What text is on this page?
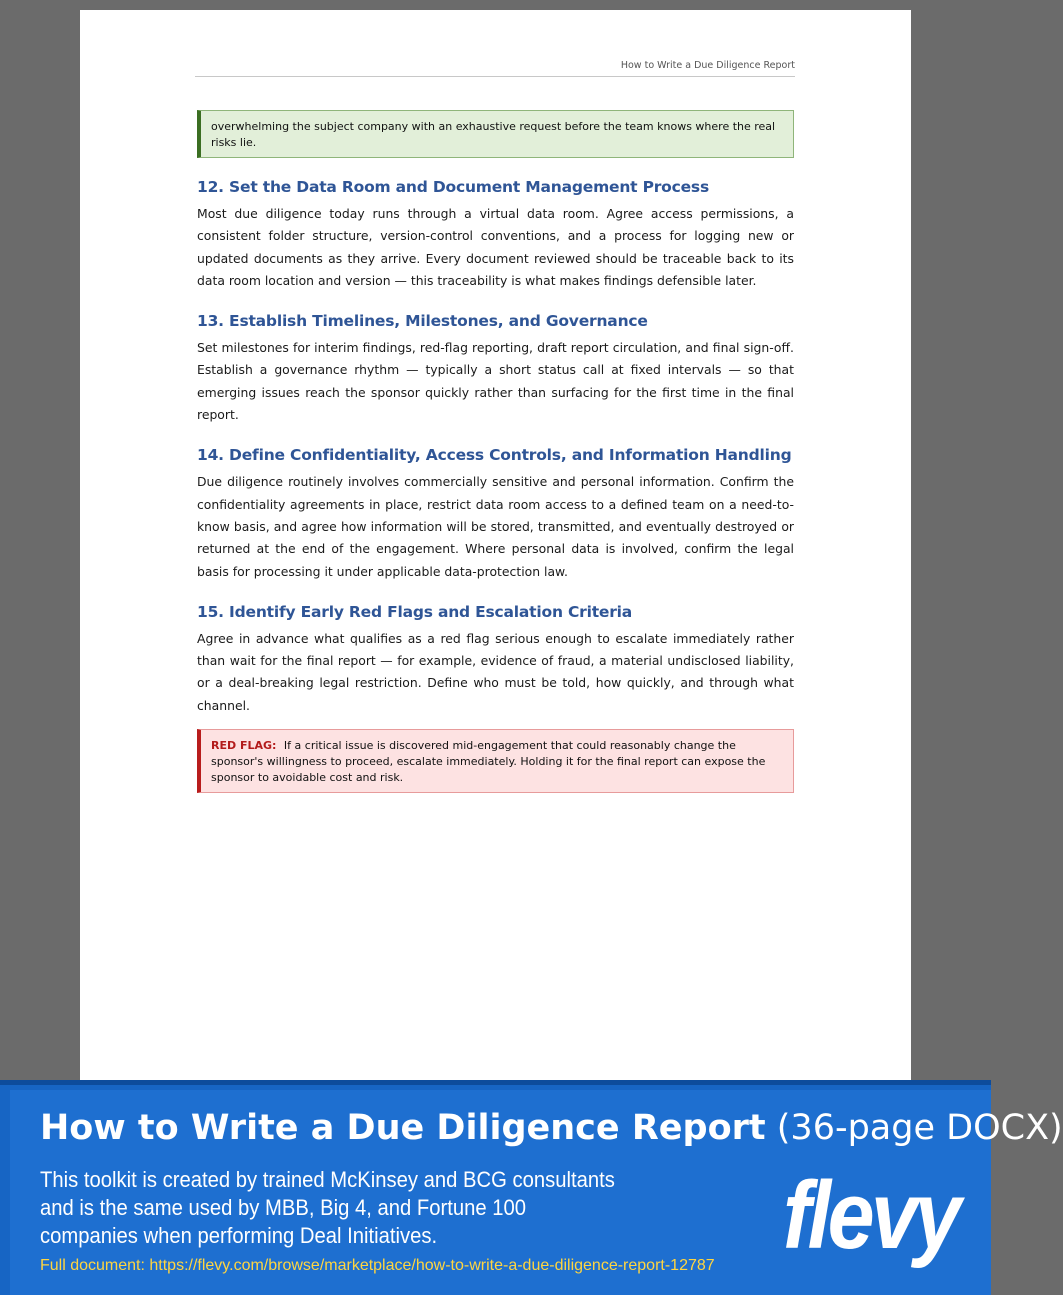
How to Write a Due Diligence Report
overwhelming the subject company with an exhaustive request before the team knows where the real risks lie.
12. Set the Data Room and Document Management Process

Most due diligence today runs through a virtual data room. Agree access permissions, a consistent folder structure, version-control conventions, and a process for logging new or updated documents as they arrive. Every document reviewed should be traceable back to its data room location and version — this traceability is what makes findings defensible later.

13. Establish Timelines, Milestones, and Governance

Set milestones for interim findings, red-flag reporting, draft report circulation, and final sign-off. Establish a governance rhythm — typically a short status call at fixed intervals — so that emerging issues reach the sponsor quickly rather than surfacing for the first time in the final report.

14. Define Confidentiality, Access Controls, and Information Handling

Due diligence routinely involves commercially sensitive and personal information. Confirm the confidentiality agreements in place, restrict data room access to a defined team on a need-to-know basis, and agree how information will be stored, transmitted, and eventually destroyed or returned at the end of the engagement. Where personal data is involved, confirm the legal basis for processing it under applicable data-protection law.

15. Identify Early Red Flags and Escalation Criteria

Agree in advance what qualifies as a red flag serious enough to escalate immediately rather than wait for the final report — for example, evidence of fraud, a material undisclosed liability, or a deal-breaking legal restriction. Define who must be told, how quickly, and through what channel.

RED FLAG: If a critical issue is discovered mid-engagement that could reasonably change the sponsor's willingness to proceed, escalate immediately. Holding it for the final report can expose the sponsor to avoidable cost and risk.
How to Write a Due Diligence Report (36-page DOCX)
This toolkit is created by trained McKinsey and BCG consultants and is the same used by MBB, Big 4, and Fortune 100 companies when performing Deal Initiatives.
Full document: https://flevy.com/browse/marketplace/how-to-write-a-due-diligence-report-12787 flevy
